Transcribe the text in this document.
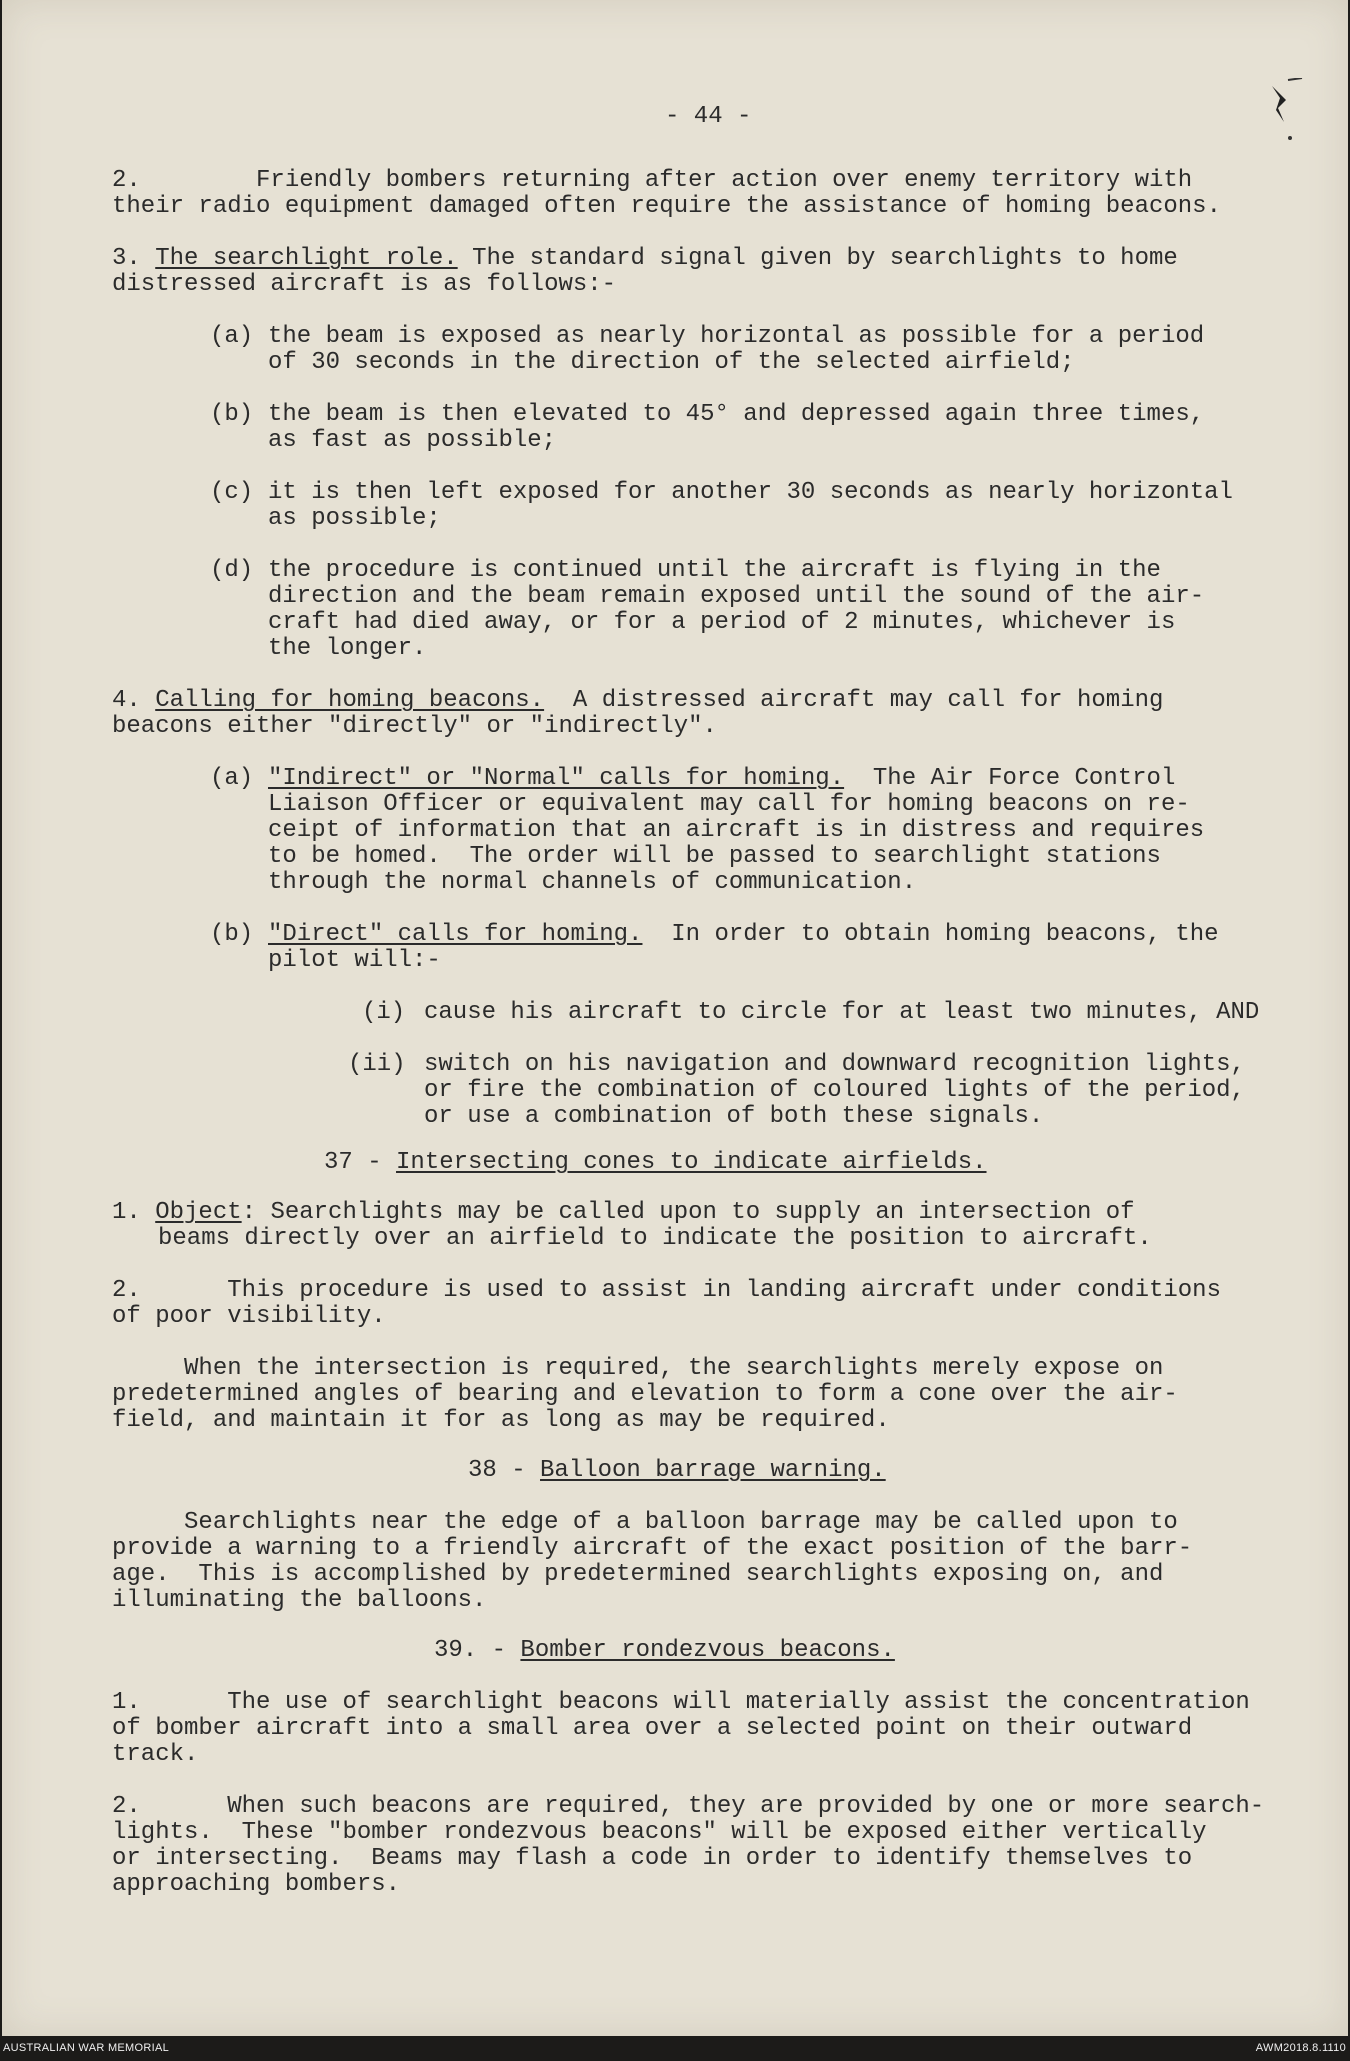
- 44 -
2.        Friendly bombers returning after action over enemy territory with
their radio equipment damaged often require the assistance of homing beacons.
3. The searchlight role. The standard signal given by searchlights to home
distressed aircraft is as follows:-
(a) the beam is exposed as nearly horizontal as possible for a period
of 30 seconds in the direction of the selected airfield;
(b) the beam is then elevated to 45° and depressed again three times,
as fast as possible;
(c) it is then left exposed for another 30 seconds as nearly horizontal
as possible;
(d) the procedure is continued until the aircraft is flying in the
direction and the beam remain exposed until the sound of the air-
craft had died away, or for a period of 2 minutes, whichever is
the longer.
4. Calling for homing beacons.  A distressed aircraft may call for homing
beacons either "directly" or "indirectly".
(a) "Indirect" or "Normal" calls for homing.  The Air Force Control
Liaison Officer or equivalent may call for homing beacons on re-
ceipt of information that an aircraft is in distress and requires
to be homed.  The order will be passed to searchlight stations
through the normal channels of communication.
(b) "Direct" calls for homing.  In order to obtain homing beacons, the
pilot will:-
(i) cause his aircraft to circle for at least two minutes, AND
(ii) switch on his navigation and downward recognition lights,
or fire the combination of coloured lights of the period,
or use a combination of both these signals.
37 - Intersecting cones to indicate airfields.
1. Object: Searchlights may be called upon to supply an intersection of
beams directly over an airfield to indicate the position to aircraft.
2.      This procedure is used to assist in landing aircraft under conditions
of poor visibility.
When the intersection is required, the searchlights merely expose on
predetermined angles of bearing and elevation to form a cone over the air-
field, and maintain it for as long as may be required.
38 - Balloon barrage warning.
Searchlights near the edge of a balloon barrage may be called upon to
provide a warning to a friendly aircraft of the exact position of the barr-
age.  This is accomplished by predetermined searchlights exposing on, and
illuminating the balloons.
39. - Bomber rondezvous beacons.
1.      The use of searchlight beacons will materially assist the concentration
of bomber aircraft into a small area over a selected point on their outward
track.
2.      When such beacons are required, they are provided by one or more search-
lights.  These "bomber rondezvous beacons" will be exposed either vertically
or intersecting.  Beams may flash a code in order to identify themselves to
approaching bombers.
AUSTRALIAN WAR MEMORIAL	AWM2018.8.1110
